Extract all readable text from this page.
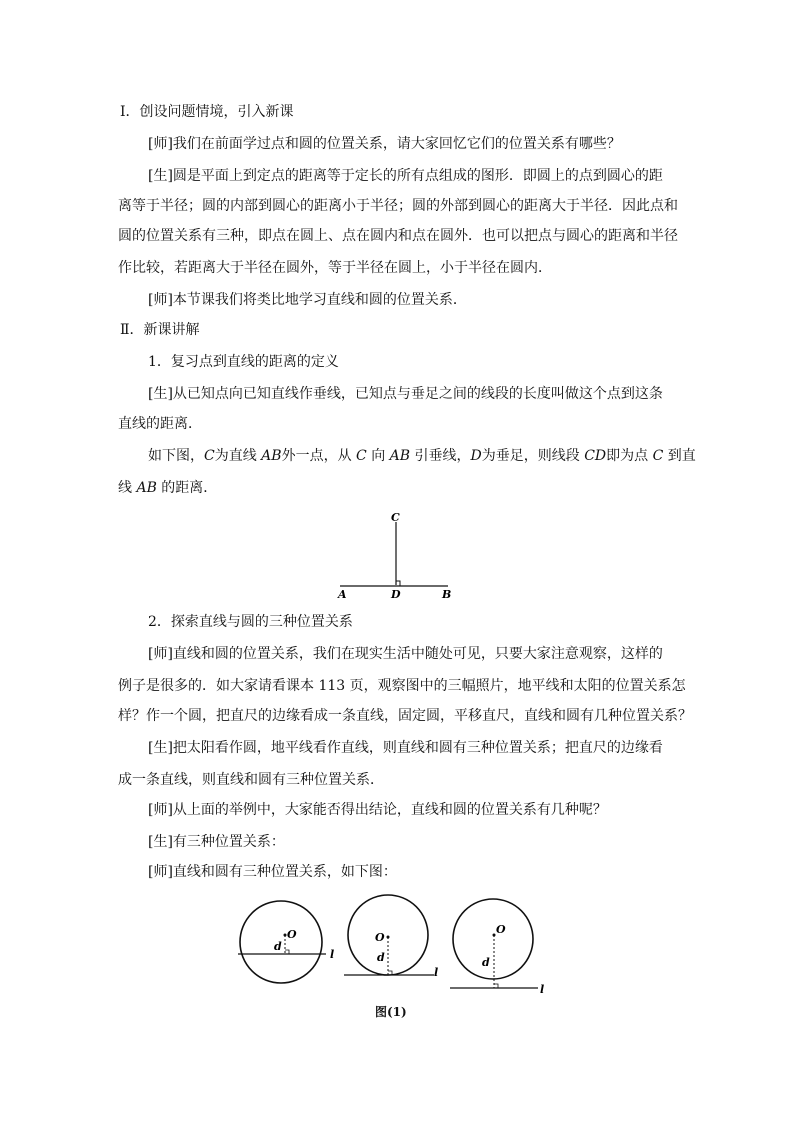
Ⅰ．创设问题情境，引入新课
[师]我们在前面学过点和圆的位置关系，请大家回忆它们的位置关系有哪些？
[生]圆是平面上到定点的距离等于定长的所有点组成的图形．即圆上的点到圆心的距
离等于半径；圆的内部到圆心的距离小于半径；圆的外部到圆心的距离大于半径．因此点和
圆的位置关系有三种，即点在圆上、点在圆内和点在圆外．也可以把点与圆心的距离和半径
作比较，若距离大于半径在圆外，等于半径在圆上，小于半径在圆内．
[师]本节课我们将类比地学习直线和圆的位置关系．
Ⅱ．新课讲解
1．复习点到直线的距离的定义
[生]从已知点向已知直线作垂线，已知点与垂足之间的线段的长度叫做这个点到这条
直线的距离．
如下图，C为直线 AB外一点，从 C 向 AB 引垂线，D为垂足，则线段 CD即为点 C 到直
线 AB 的距离．
C
A	D	B
2．探索直线与圆的三种位置关系
[师]直线和圆的位置关系，我们在现实生活中随处可见，只要大家注意观察，这样的
例子是很多的．如大家请看课本 113 页，观察图中的三幅照片，地平线和太阳的位置关系怎
样？作一个圆，把直尺的边缘看成一条直线，固定圆，平移直尺，直线和圆有几种位置关系？
[生]把太阳看作圆，地平线看作直线，则直线和圆有三种位置关系；把直尺的边缘看
成一条直线，则直线和圆有三种位置关系．
[师]从上面的举例中，大家能否得出结论，直线和圆的位置关系有几种呢？
[生]有三种位置关系：
[师]直线和圆有三种位置关系，如下图：
O
d
l
O
d
l
O
d
l
图(1)
